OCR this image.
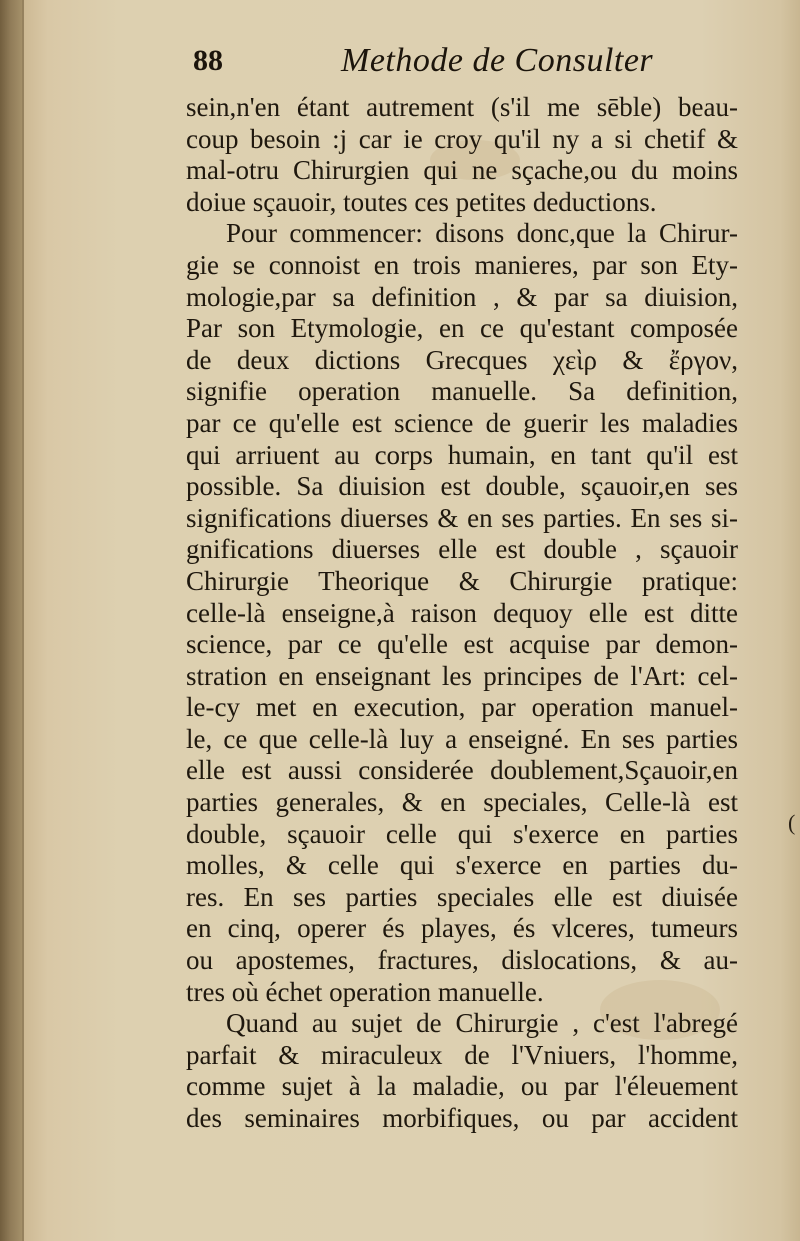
88	Methode de Consulter
sein,n'en étant autrement (s'il me sēble) beau-
coup besoin :j car ie croy qu'il ny a si chetif &
mal-otru Chirurgien qui ne sçache,ou du moins
doiue sçauoir, toutes ces petites deductions.
Pour commencer: disons donc,que la Chirur-
gie se connoist en trois manieres, par son Ety-
mologie,par sa definition , & par sa diuision,
Par son Etymologie, en ce qu'estant composée
de deux dictions Grecques χεὶρ & ἔργον,
signifie operation manuelle. Sa definition,
par ce qu'elle est science de guerir les maladies
qui arriuent au corps humain, en tant qu'il est
possible. Sa diuision est double, sçauoir,en ses
significations diuerses & en ses parties. En ses si-
gnifications diuerses elle est double , sçauoir
Chirurgie Theorique & Chirurgie pratique:
celle-là enseigne,à raison dequoy elle est ditte
science, par ce qu'elle est acquise par demon-
stration en enseignant les principes de l'Art: cel-
le-cy met en execution, par operation manuel-
le, ce que celle-là luy a enseigné. En ses parties
elle est aussi considerée doublement,Sçauoir,en
parties generales, & en speciales, Celle-là est
double, sçauoir celle qui s'exerce en parties
molles, & celle qui s'exerce en parties du-
res. En ses parties speciales elle est diuisée
en cinq, operer és playes, és vlceres, tumeurs
ou apostemes, fractures, dislocations, & au-
tres où échet operation manuelle.
Quand au sujet de Chirurgie , c'est l'abregé
parfait & miraculeux de l'Vniuers, l'homme,
comme sujet à la maladie, ou par l'éleuement
des seminaires morbifiques, ou par accident
(
